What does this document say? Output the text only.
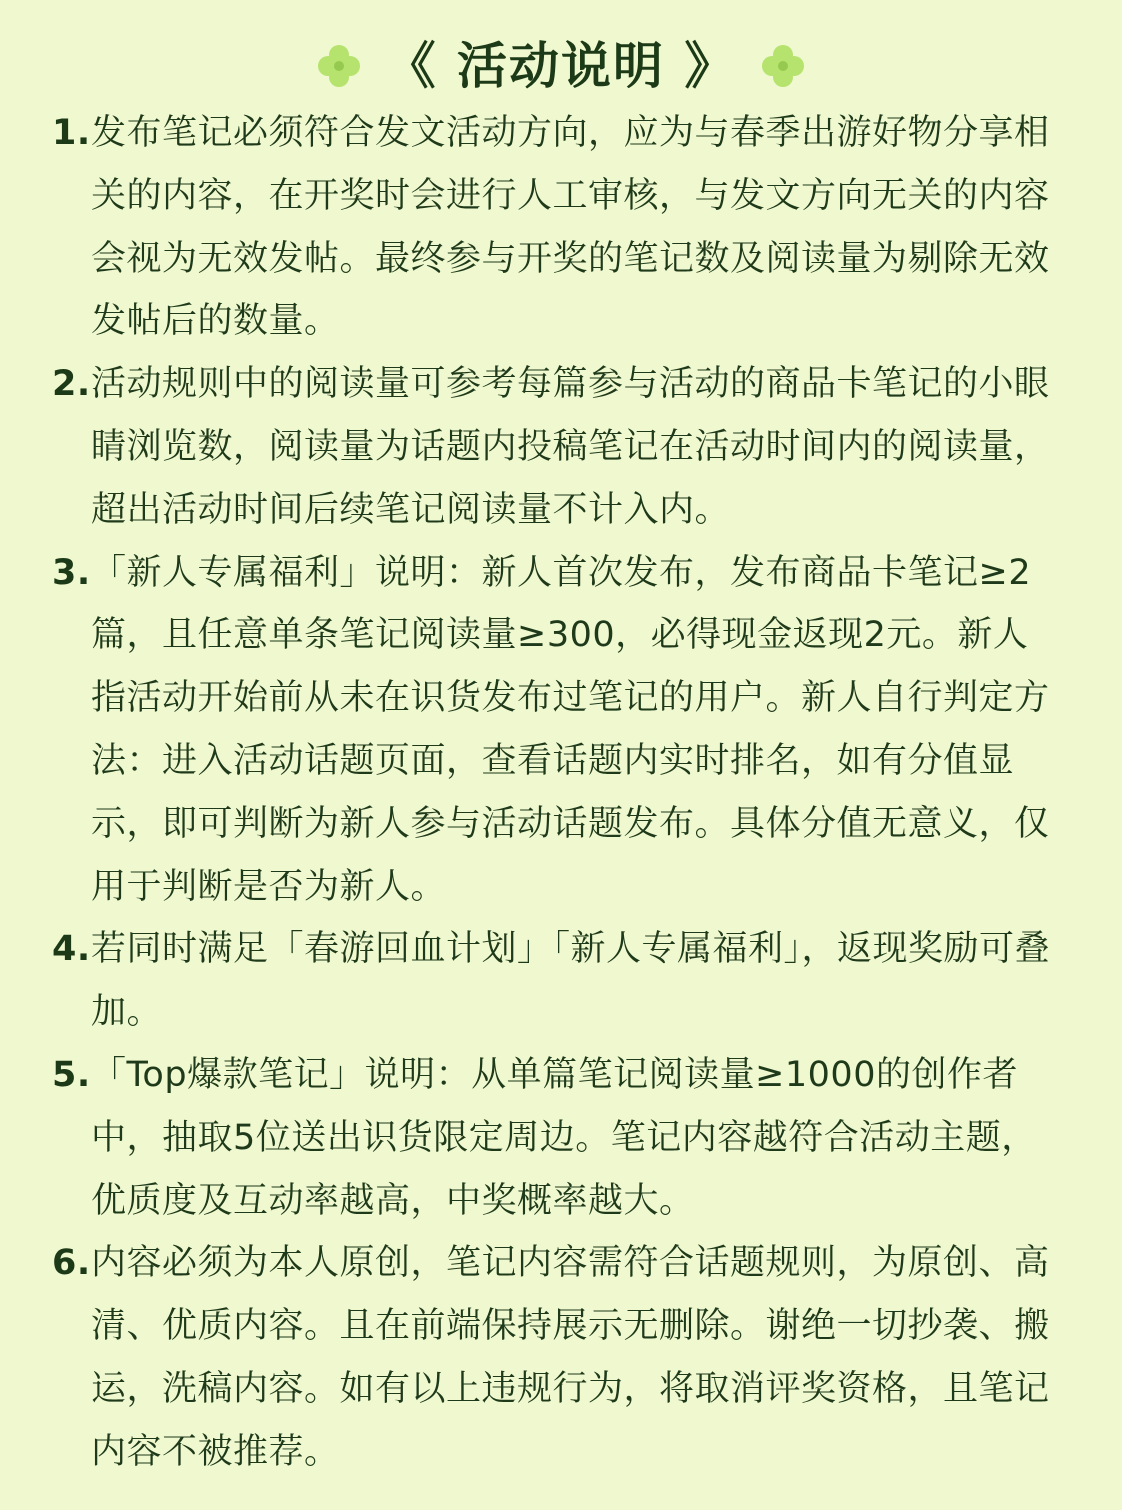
《 活动说明 》
1. 发布笔记必须符合发文活动方向，应为与春季出游好物分享相关的内容，在开奖时会进行人工审核，与发文方向无关的内容会视为无效发帖。最终参与开奖的笔记数及阅读量为剔除无效发帖后的数量。
2. 活动规则中的阅读量可参考每篇参与活动的商品卡笔记的小眼睛浏览数，阅读量为话题内投稿笔记在活动时间内的阅读量，超出活动时间后续笔记阅读量不计入内。
3. 「新人专属福利」说明：新人首次发布，发布商品卡笔记≥2篇，且任意单条笔记阅读量≥300，必得现金返现2元。新人指活动开始前从未在识货发布过笔记的用户。新人自行判定方法：进入活动话题页面，查看话题内实时排名，如有分值显示，即可判断为新人参与活动话题发布。具体分值无意义，仅用于判断是否为新人。
4. 若同时满足「春游回血计划」「新人专属福利」，返现奖励可叠加。
5. 「Top爆款笔记」说明：从单篇笔记阅读量≥1000的创作者中，抽取5位送出识货限定周边。笔记内容越符合活动主题，优质度及互动率越高，中奖概率越大。
6. 内容必须为本人原创，笔记内容需符合话题规则，为原创、高清、优质内容。且在前端保持展示无删除。谢绝一切抄袭、搬运，洗稿内容。如有以上违规行为，将取消评奖资格，且笔记内容不被推荐。
